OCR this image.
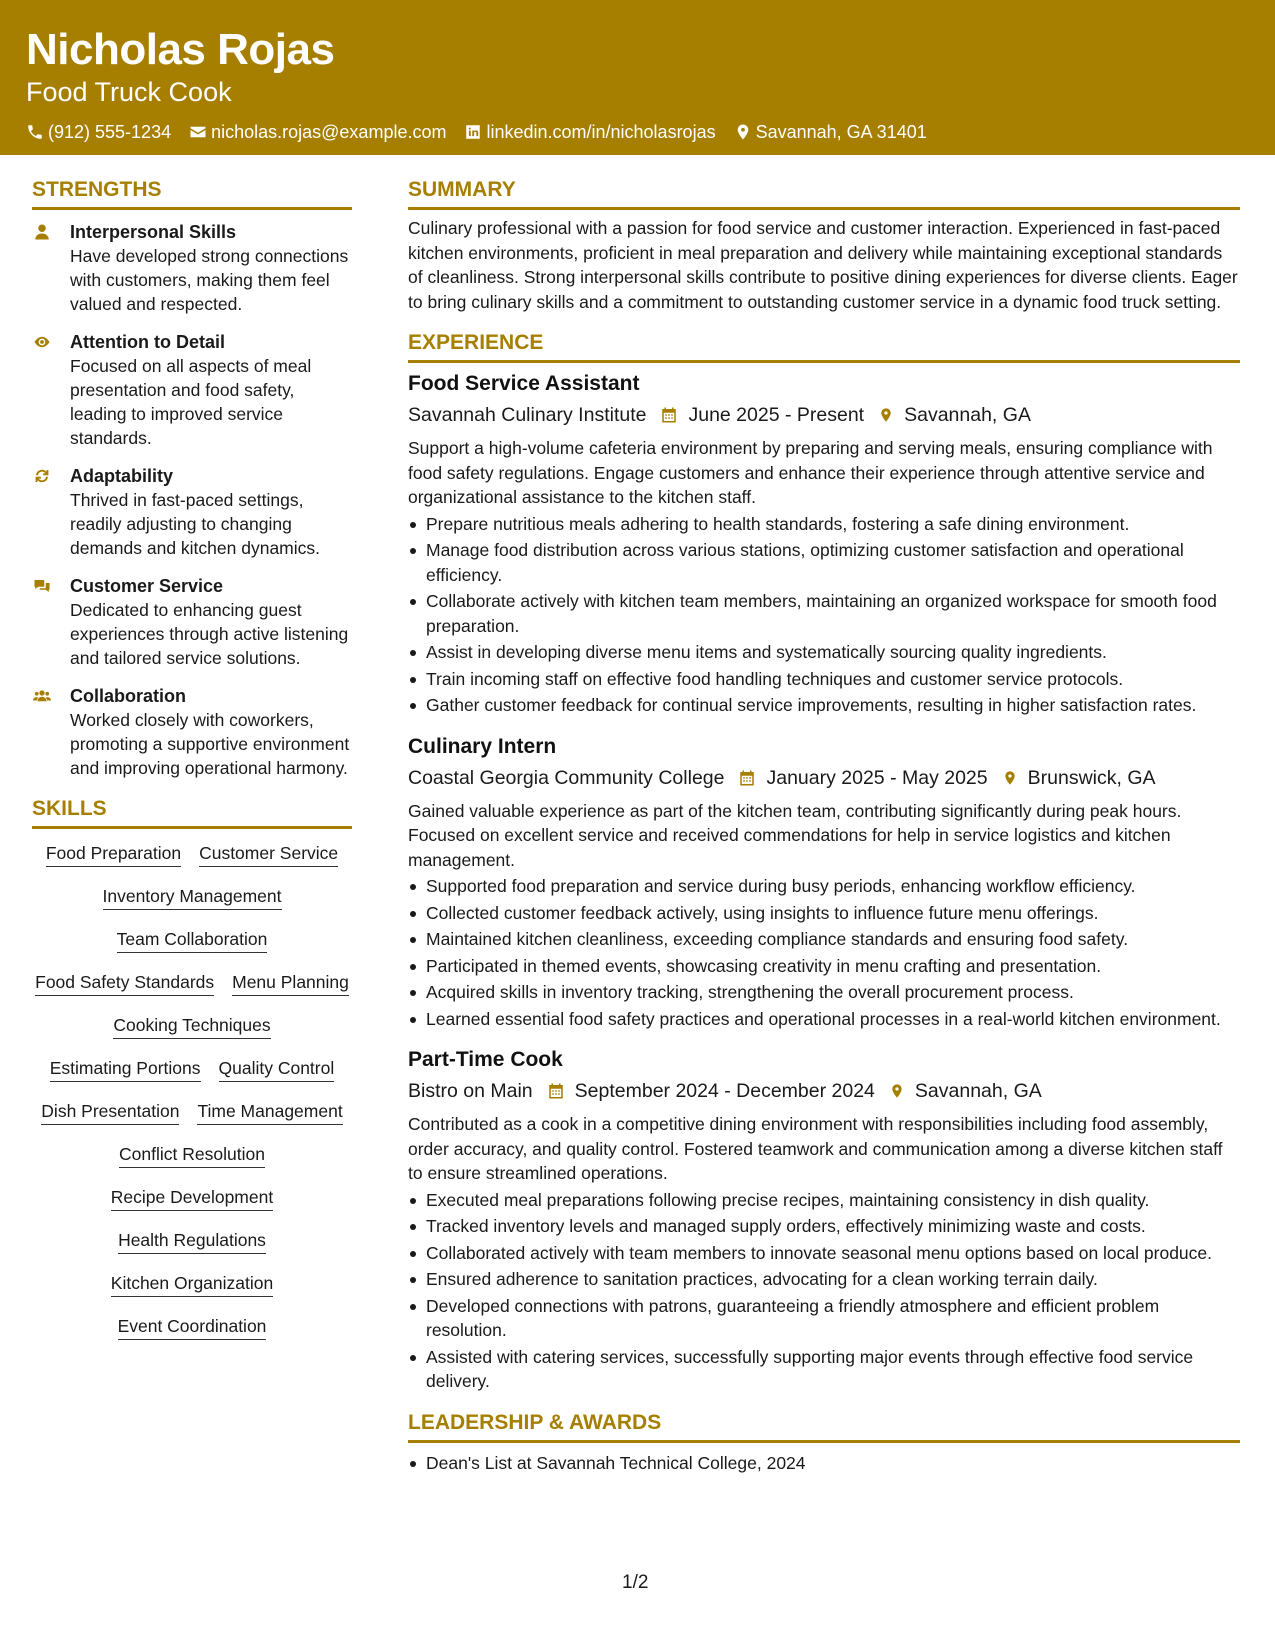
Nicholas Rojas
Food Truck Cook
(912) 555-1234 nicholas.rojas@example.com linkedin.com/in/nicholasrojas Savannah, GA 31401
STRENGTHS
Interpersonal Skills
Have developed strong connections with customers, making them feel valued and respected.
Attention to Detail
Focused on all aspects of meal presentation and food safety, leading to improved service standards.
Adaptability
Thrived in fast-paced settings, readily adjusting to changing demands and kitchen dynamics.
Customer Service
Dedicated to enhancing guest experiences through active listening and tailored service solutions.
Collaboration
Worked closely with coworkers, promoting a supportive environment and improving operational harmony.
SKILLS
Food Preparation Customer Service
Inventory Management
Team Collaboration
Food Safety Standards Menu Planning
Cooking Techniques
Estimating Portions Quality Control
Dish Presentation Time Management
Conflict Resolution
Recipe Development
Health Regulations
Kitchen Organization
Event Coordination
SUMMARY

Culinary professional with a passion for food service and customer interaction. Experienced in fast-paced kitchen environments, proficient in meal preparation and delivery while maintaining exceptional standards of cleanliness. Strong interpersonal skills contribute to positive dining experiences for diverse clients. Eager to bring culinary skills and a commitment to outstanding customer service in a dynamic food truck setting.

EXPERIENCE
Food Service Assistant
Savannah Culinary Institute June 2025 - Present Savannah, GA

Support a high-volume cafeteria environment by preparing and serving meals, ensuring compliance with food safety regulations. Engage customers and enhance their experience through attentive service and organizational assistance to the kitchen staff.

Prepare nutritious meals adhering to health standards, fostering a safe dining environment.
Manage food distribution across various stations, optimizing customer satisfaction and operational efficiency.
Collaborate actively with kitchen team members, maintaining an organized workspace for smooth food preparation.
Assist in developing diverse menu items and systematically sourcing quality ingredients.
Train incoming staff on effective food handling techniques and customer service protocols.
Gather customer feedback for continual service improvements, resulting in higher satisfaction rates.
Culinary Intern
Coastal Georgia Community College January 2025 - May 2025 Brunswick, GA

Gained valuable experience as part of the kitchen team, contributing significantly during peak hours. Focused on excellent service and received commendations for help in service logistics and kitchen management.

Supported food preparation and service during busy periods, enhancing workflow efficiency.
Collected customer feedback actively, using insights to influence future menu offerings.
Maintained kitchen cleanliness, exceeding compliance standards and ensuring food safety.
Participated in themed events, showcasing creativity in menu crafting and presentation.
Acquired skills in inventory tracking, strengthening the overall procurement process.
Learned essential food safety practices and operational processes in a real-world kitchen environment.
Part-Time Cook
Bistro on Main September 2024 - December 2024 Savannah, GA

Contributed as a cook in a competitive dining environment with responsibilities including food assembly, order accuracy, and quality control. Fostered teamwork and communication among a diverse kitchen staff to ensure streamlined operations.

Executed meal preparations following precise recipes, maintaining consistency in dish quality.
Tracked inventory levels and managed supply orders, effectively minimizing waste and costs.
Collaborated actively with team members to innovate seasonal menu options based on local produce.
Ensured adherence to sanitation practices, advocating for a clean working terrain daily.
Developed connections with patrons, guaranteeing a friendly atmosphere and efficient problem resolution.
Assisted with catering services, successfully supporting major events through effective food service delivery.
LEADERSHIP & AWARDS
Dean's List at Savannah Technical College, 2024
1/2
